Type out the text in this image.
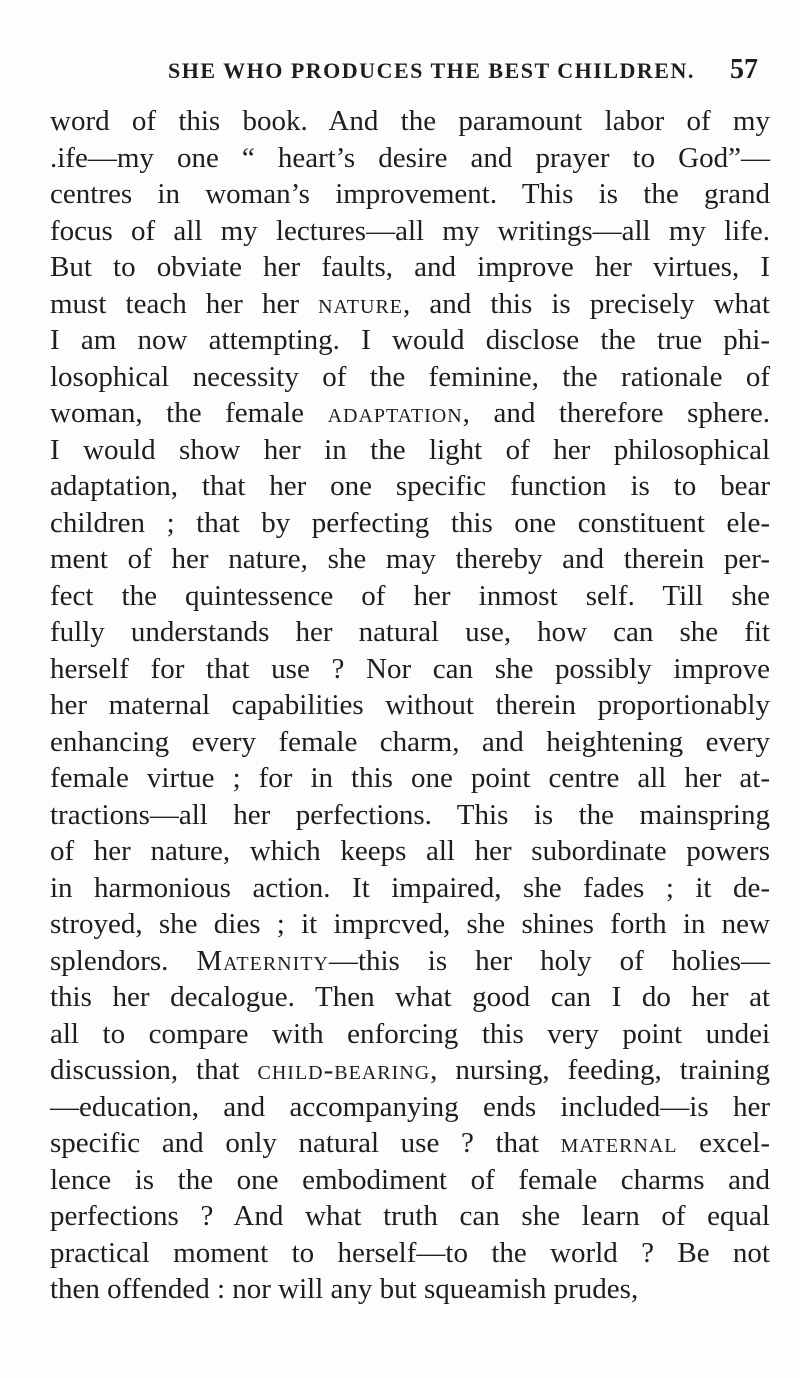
SHE WHO PRODUCES THE BEST CHILDREN. 57
word of this book. And the paramount labor of my
.ife—my one “ heart’s desire and prayer to God”—
centres in woman’s improvement. This is the grand
focus of all my lectures—all my writings—all my life.
But to obviate her faults, and improve her virtues, I
must teach her her nature, and this is precisely what
I am now attempting. I would disclose the true phi-
losophical necessity of the feminine, the rationale of
woman, the female adaptation, and therefore sphere.
I would show her in the light of her philosophical
adaptation, that her one specific function is to bear
children ; that by perfecting this one constituent ele-
ment of her nature, she may thereby and therein per-
fect the quintessence of her inmost self. Till she
fully understands her natural use, how can she fit
herself for that use ? Nor can she possibly improve
her maternal capabilities without therein proportionably
enhancing every female charm, and heightening every
female virtue ; for in this one point centre all her at-
tractions—all her perfections. This is the mainspring
of her nature, which keeps all her subordinate powers
in harmonious action. It impaired, she fades ; it de-
stroyed, she dies ; it imprcved, she shines forth in new
splendors. Maternity—this is her holy of holies—
this her decalogue. Then what good can I do her at
all to compare with enforcing this very point undei
discussion, that child-bearing, nursing, feeding, training
—education, and accompanying ends included—is her
specific and only natural use ? that maternal excel-
lence is the one embodiment of female charms and
perfections ? And what truth can she learn of equal
practical moment to herself—to the world ? Be not
then offended : nor will any but squeamish prudes,
